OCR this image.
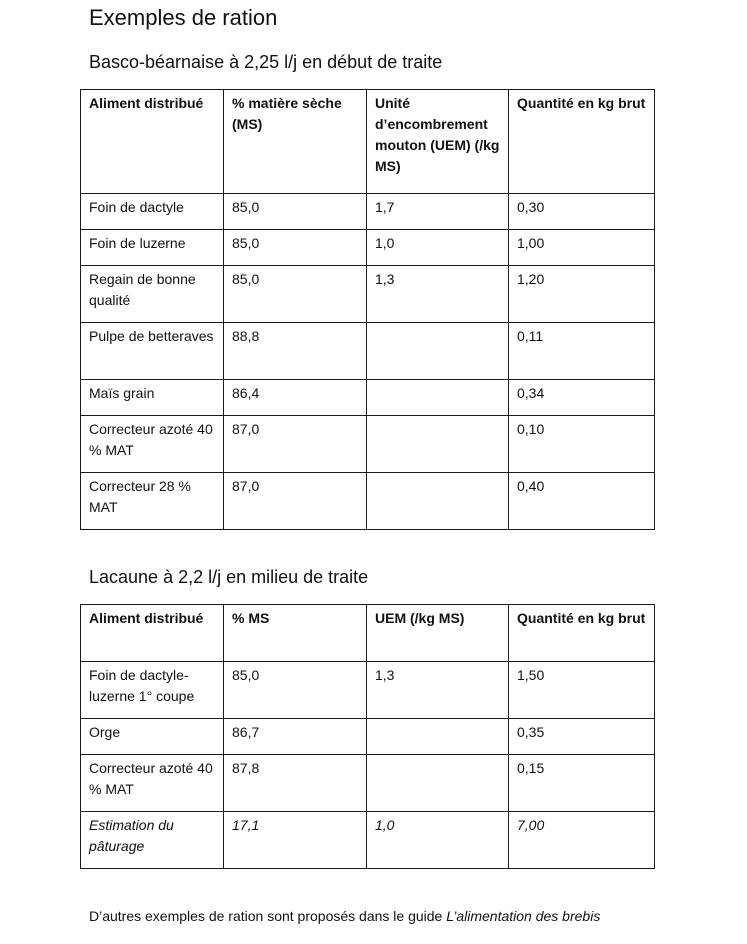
Exemples de ration
Basco-béarnaise à 2,25 l/j en début de traite
Aliment distribué	% matière sèche (MS)	Unité d’encombrement mouton (UEM) (/kg MS)	Quantité en kg brut
Foin de dactyle	85,0	1,7	0,30
Foin de luzerne	85,0	1,0	1,00
Regain de bonne qualité	85,0	1,3	1,20
Pulpe de betteraves	88,8		0,11
Maïs grain	86,4		0,34
Correcteur azoté 40 % MAT	87,0		0,10
Correcteur 28 % MAT	87,0		0,40
Lacaune à 2,2 l/j en milieu de traite
Aliment distribué	% MS	UEM (/kg MS)	Quantité en kg brut
Foin de dactyle-luzerne 1° coupe	85,0	1,3	1,50
Orge	86,7		0,35
Correcteur azoté 40 % MAT	87,8		0,15
Estimation du pâturage	17,1	1,0	7,00

D’autres exemples de ration sont proposés dans le guide L’alimentation des brebis
